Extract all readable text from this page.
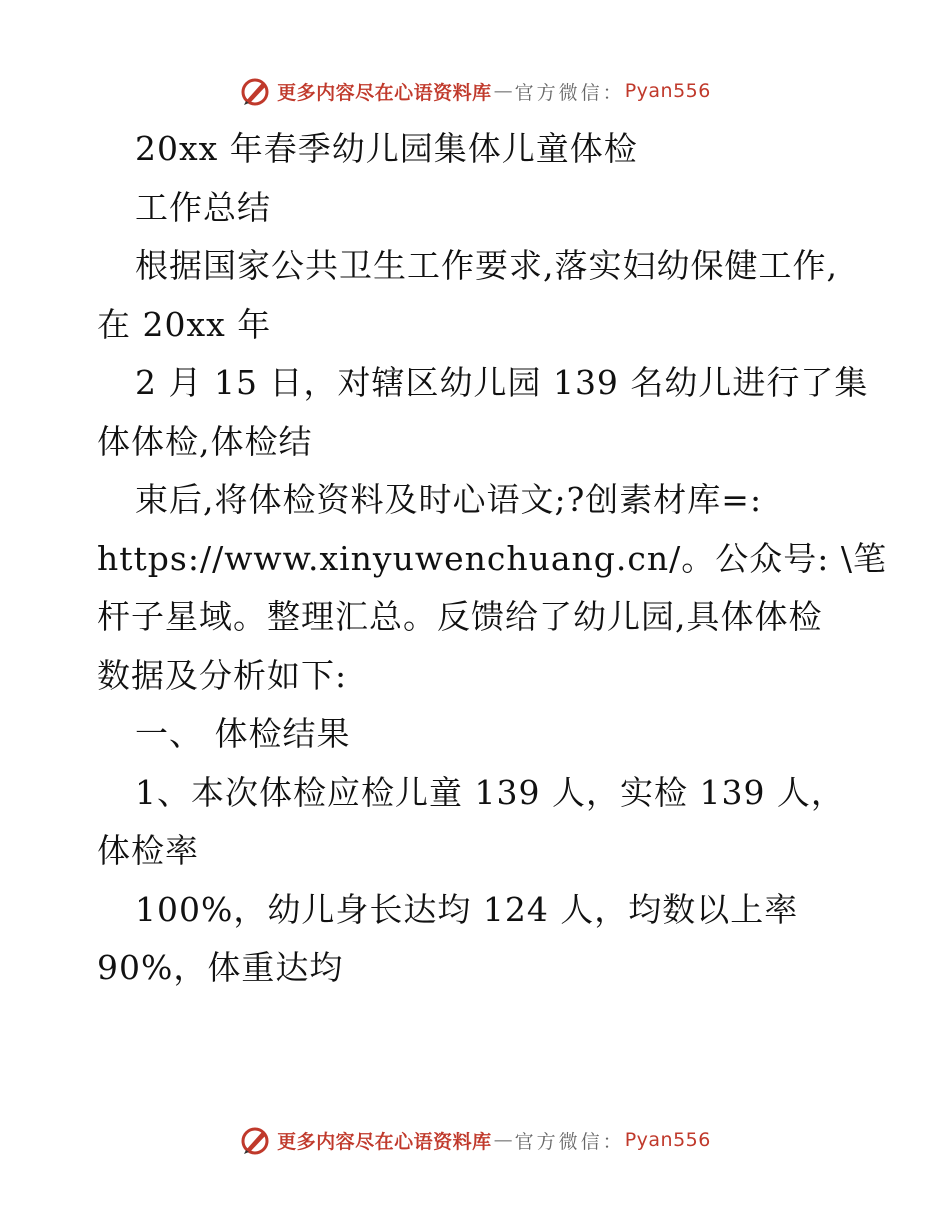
更多内容尽在心语资料库 — 官方微信： Pyan556
20xx 年春季幼儿园集体儿童体检
工作总结
根据国家公共卫生工作要求,落实妇幼保健工作,
在 20xx 年
2 月 15 日，对辖区幼儿园 139 名幼儿进行了集
体体检,体检结
束后,将体检资料及时心语文;?创素材库=:
https://www.xinyuwenchuang.cn/。公众号: \笔
杆子星域。整理汇总。反馈给了幼儿园,具体体检
数据及分析如下:
一、 体检结果
1、本次体检应检儿童 139 人，实检 139 人，
体检率
100%，幼儿身长达均 124 人，均数以上率
90%，体重达均
更多内容尽在心语资料库 — 官方微信： Pyan556
